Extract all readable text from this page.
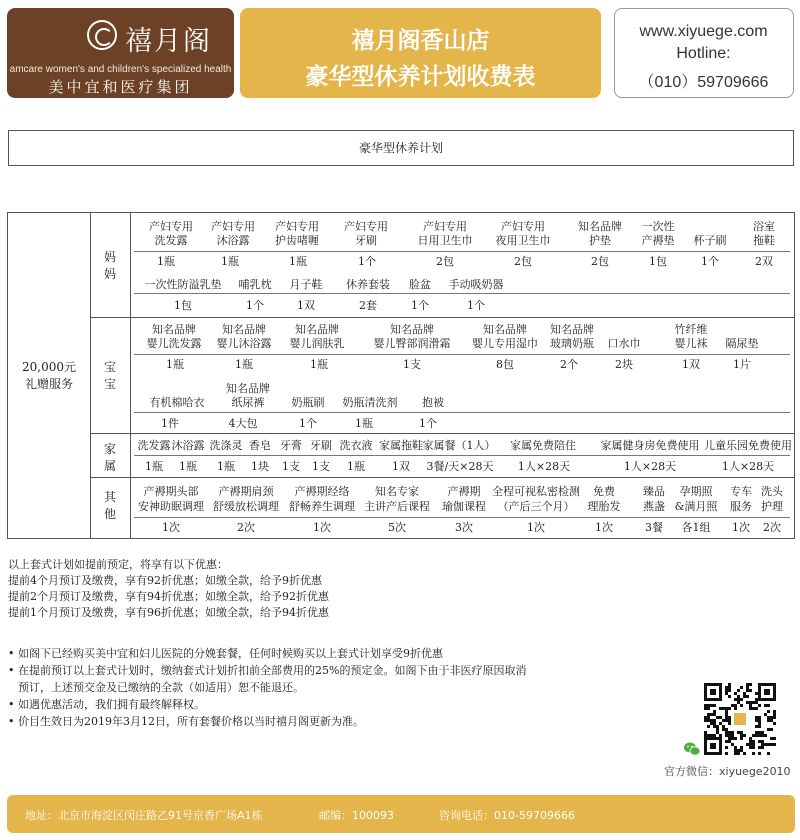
禧月阁
amcare women's and children's specialized health
美中宜和医疗集团
禧月阁香山店
豪华型休养计划收费表
www.xiyuege.com
Hotline:
（010）59709666
豪华型休养计划
20,000元
礼赠服务
妈
妈
宝
宝
家
属
其
他
产妇专用
洗发露
1瓶
产妇专用
沐浴露
1瓶
产妇专用
护齿啫喱
1瓶
产妇专用
牙刷
1个
产妇专用
日用卫生巾
2包
产妇专用
夜用卫生巾
2包
知名品牌
护垫
2包
一次性
产褥垫
1包
杯子刷
1个
浴室
拖鞋
2双
一次性防溢乳垫
1包
哺乳枕
1个
月子鞋
1双
休养套装
2套
脸盆
1个
手动吸奶器
1个
知名品牌
婴儿洗发露
1瓶
知名品牌
婴儿沐浴露
1瓶
知名品牌
婴儿润肤乳
1瓶
知名品牌
婴儿臀部润滑霜
1支
知名品牌
婴儿专用湿巾
8包
知名品牌
玻璃奶瓶
2个
口水巾
2块
竹纤维
婴儿袜
1双
隔尿垫
1片
有机棉哈衣
1件
知名品牌
纸尿裤
4大包
奶瓶刷
1个
奶瓶清洗剂
1瓶
抱被
1个
洗发露
1瓶
沐浴露
1瓶
洗涤灵
1瓶
香皂
1块
牙膏
1支
牙刷
1支
洗衣液
1瓶
家属拖鞋
1双
家属餐（1人）
3餐/天×28天
家属免费陪住
1人×28天
家属健身房免费使用
1人×28天
儿童乐园免费使用
1人×28天
产褥期头部
安神助眠调理
1次
产褥期肩颈
舒缓放松调理
2次
产褥期经络
舒畅养生调理
1次
知名专家
主讲产后课程
5次
产褥期
瑜伽课程
3次
全程可视私密检测
（产后三个月）
1次
免费
理胎发
1次
臻品
燕盏
3餐
孕期照
&满月照
各1组
专车
服务
1次
洗头
护理
2次
以上套式计划如提前预定，将享有以下优惠：
提前4个月预订及缴费，享有92折优惠；如缴全款，给予9折优惠
提前2个月预订及缴费，享有94折优惠；如缴全款，给予92折优惠
提前1个月预订及缴费，享有96折优惠；如缴全款，给予94折优惠
• 如阁下已经购买美中宜和妇儿医院的分娩套餐，任何时候购买以上套式计划享受9折优惠
• 在提前预订以上套式计划时，缴纳套式计划折扣前全部费用的25%的预定金。如阁下由于非医疗原因取消
预订，上述预交金及已缴纳的全款（如适用）恕不能退还。
• 如遇优惠活动，我们拥有最终解释权。
• 价目生效日为2019年3月12日，所有套餐价格以当时禧月阁更新为准。
官方微信：xiyuege2010
地址：北京市海淀区闵庄路乙91号京香广场A1栋	邮编：100093	咨询电话：010-59709666
